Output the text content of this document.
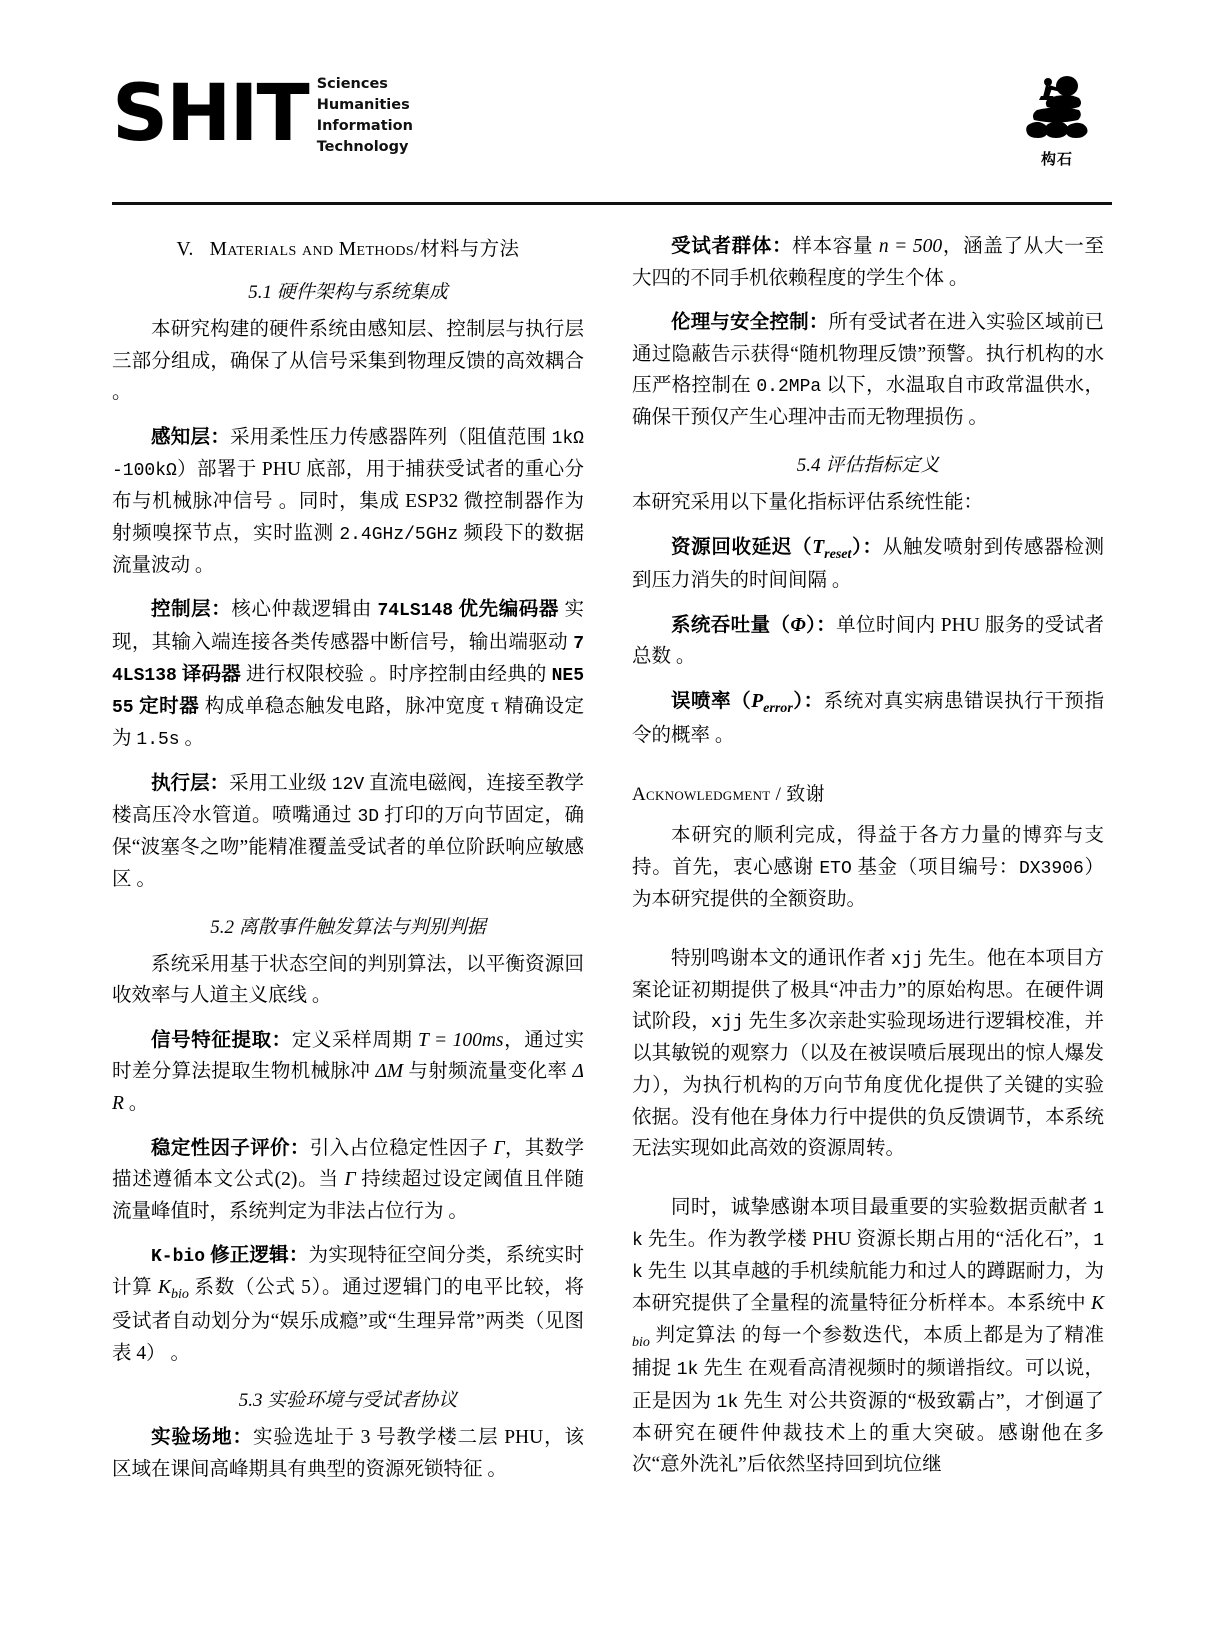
SHIT Sciences
Humanities
Information
Technology
构石
V. Materials and Methods/材料与方法
5.1 硬件架构与系统集成

本研究构建的硬件系统由感知层、控制层与执行层三部分组成，确保了从信号采集到物理反馈的高效耦合 。

感知层：采用柔性压力传感器阵列（阻值范围 1kΩ-100kΩ）部署于 PHU 底部，用于捕获受试者的重心分布与机械脉冲信号 。同时，集成 ESP32 微控制器作为射频嗅探节点，实时监测 2.4GHz/5GHz 频段下的数据流量波动 。

控制层：核心仲裁逻辑由 74LS148 优先编码器 实现，其输入端连接各类传感器中断信号，输出端驱动 74LS138 译码器 进行权限校验 。时序控制由经典的 NE555 定时器 构成单稳态触发电路，脉冲宽度 τ 精确设定为 1.5s 。

执行层：采用工业级 12V 直流电磁阀，连接至教学楼高压冷水管道。喷嘴通过 3D 打印的万向节固定，确保“波塞冬之吻”能精准覆盖受试者的单位阶跃响应敏感区 。

5.2 离散事件触发算法与判别判据

系统采用基于状态空间的判别算法，以平衡资源回收效率与人道主义底线 。

信号特征提取：定义采样周期 T = 100ms，通过实时差分算法提取生物机械脉冲 ΔM 与射频流量变化率 ΔR 。

稳定性因子评价：引入占位稳定性因子 Γ，其数学描述遵循本文公式(2)。当 Γ 持续超过设定阈值且伴随流量峰值时，系统判定为非法占位行为 。

K-bio 修正逻辑：为实现特征空间分类，系统实时计算 $K_{bio}$ 系数（公式 5）。通过逻辑门的电平比较，将受试者自动划分为“娱乐成瘾”或“生理异常”两类（见图表 4） 。

5.3 实验环境与受试者协议

实验场地：实验选址于 3 号教学楼二层 PHU，该区域在课间高峰期具有典型的资源死锁特征 。

受试者群体：样本容量 n = 500，涵盖了从大一至大四的不同手机依赖程度的学生个体 。

伦理与安全控制：所有受试者在进入实验区域前已通过隐蔽告示获得“随机物理反馈”预警。执行机构的水压严格控制在 0.2MPa 以下，水温取自市政常温供水，确保干预仅产生心理冲击而无物理损伤 。

5.4 评估指标定义

本研究采用以下量化指标评估系统性能：

资源回收延迟$(T_{reset})$：从触发喷射到传感器检测到压力消失的时间间隔 。

系统吞吐量（Φ）：单位时间内 PHU 服务的受试者总数 。

误喷率$(P_{error})$：系统对真实病患错误执行干预指令的概率 。

Acknowledgment / 致谢

本研究的顺利完成，得益于各方力量的博弈与支持。首先，衷心感谢 ETO 基金（项目编号：DX3906）为本研究提供的全额资助。

特别鸣谢本文的通讯作者 xjj 先生。他在本项目方案论证初期提供了极具“冲击力”的原始构思。在硬件调试阶段，xjj 先生多次亲赴实验现场进行逻辑校准，并以其敏锐的观察力（以及在被误喷后展现出的惊人爆发力），为执行机构的万向节角度优化提供了关键的实验依据。没有他在身体力行中提供的负反馈调节，本系统无法实现如此高效的资源周转。

同时，诚挚感谢本项目最重要的实验数据贡献者 1k 先生。作为教学楼 PHU 资源长期占用的“活化石”，1k 先生 以其卓越的手机续航能力和过人的蹲踞耐力，为本研究提供了全量程的流量特征分析样本。本系统中 $K_{bio}$ 判定算法 的每一个参数迭代，本质上都是为了精准捕捉 1k 先生 在观看高清视频时的频谱指纹。可以说，正是因为 1k 先生 对公共资源的“极致霸占”，才倒逼了本研究在硬件仲裁技术上的重大突破。感谢他在多次“意外洗礼”后依然坚持回到坑位继
